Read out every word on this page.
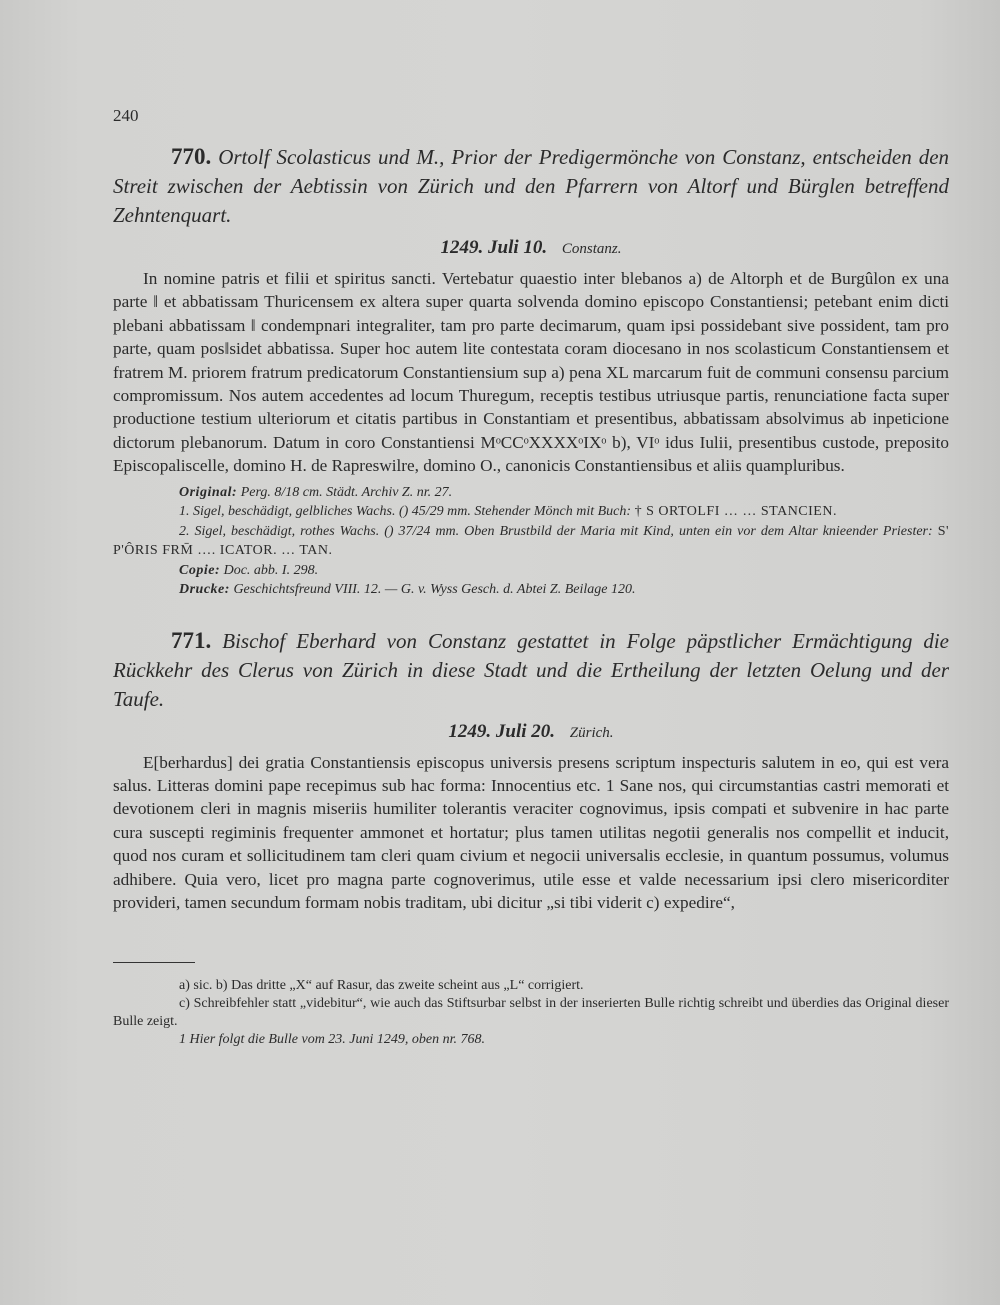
240

770. Ortolf Scolasticus und M., Prior der Predigermönche von Constanz, entscheiden den Streit zwischen der Aebtissin von Zürich und den Pfarrern von Altorf und Bürglen betreffend Zehntenquart.

1249. Juli 10. Constanz.

In nomine patris et filii et spiritus sancti. Vertebatur quaestio inter blebanos a) de Altorph et de Burgûlon ex una parte ‖ et abbatissam Thuricensem ex altera super quarta solvenda domino episcopo Constantiensi; petebant enim dicti plebani abbatissam ‖ condempnari integraliter, tam pro parte decimarum, quam ipsi possidebant sive possident, tam pro parte, quam pos‖sidet abbatissa. Super hoc autem lite contestata coram diocesano in nos scolasticum Constantiensem et fratrem M. priorem fratrum predicatorum Constantiensium sup a) pena XL marcarum fuit de communi consensu parcium compromissum. Nos autem accedentes ad locum Thuregum, receptis testibus utriusque partis, renunciatione facta super productione testium ulteriorum et citatis partibus in Constantiam et presentibus, abbatissam absolvimus ab inpeticione dictorum plebanorum. Datum in coro Constantiensi MᵒCCᵒXXXXᵒIXᵒ b), VIᵒ idus Iulii, presentibus custode, preposito Episcopaliscelle, domino H. de Rapreswilre, domino O., canonicis Constantiensibus et aliis quampluribus.

Original: Perg. 8/18 cm. Städt. Archiv Z. nr. 27.

1. Sigel, beschädigt, gelbliches Wachs. () 45/29 mm. Stehender Mönch mit Buch: † S ORTOLFI … … STANCIEN.

2. Sigel, beschädigt, rothes Wachs. () 37/24 mm. Oben Brustbild der Maria mit Kind, unten ein vor dem Altar knieender Priester: S' P'ÔRIS FRM̄ …. ICATOR. … TAN.

Copie: Doc. abb. I. 298.

Drucke: Geschichtsfreund VIII. 12. — G. v. Wyss Gesch. d. Abtei Z. Beilage 120.

771. Bischof Eberhard von Constanz gestattet in Folge päpstlicher Ermächtigung die Rückkehr des Clerus von Zürich in diese Stadt und die Ertheilung der letzten Oelung und der Taufe.

1249. Juli 20. Zürich.

E[berhardus] dei gratia Constantiensis episcopus universis presens scriptum inspecturis salutem in eo, qui est vera salus. Litteras domini pape recepimus sub hac forma: Innocentius etc. 1 Sane nos, qui circumstantias castri memorati et devotionem cleri in magnis miseriis humiliter tolerantis veraciter cognovimus, ipsis compati et subvenire in hac parte cura suscepti regiminis frequenter ammonet et hortatur; plus tamen utilitas negotii generalis nos compellit et inducit, quod nos curam et sollicitudinem tam cleri quam civium et negocii universalis ecclesie, in quantum possumus, volumus adhibere. Quia vero, licet pro magna parte cognoverimus, utile esse et valde necessarium ipsi clero misericorditer provideri, tamen secundum formam nobis traditam, ubi dicitur „si tibi viderit c) expedire“,

a) sic. b) Das dritte „X“ auf Rasur, das zweite scheint aus „L“ corrigiert.

c) Schreibfehler statt „videbitur“, wie auch das Stiftsurbar selbst in der inserierten Bulle richtig schreibt und überdies das Original dieser Bulle zeigt.

1 Hier folgt die Bulle vom 23. Juni 1249, oben nr. 768.
